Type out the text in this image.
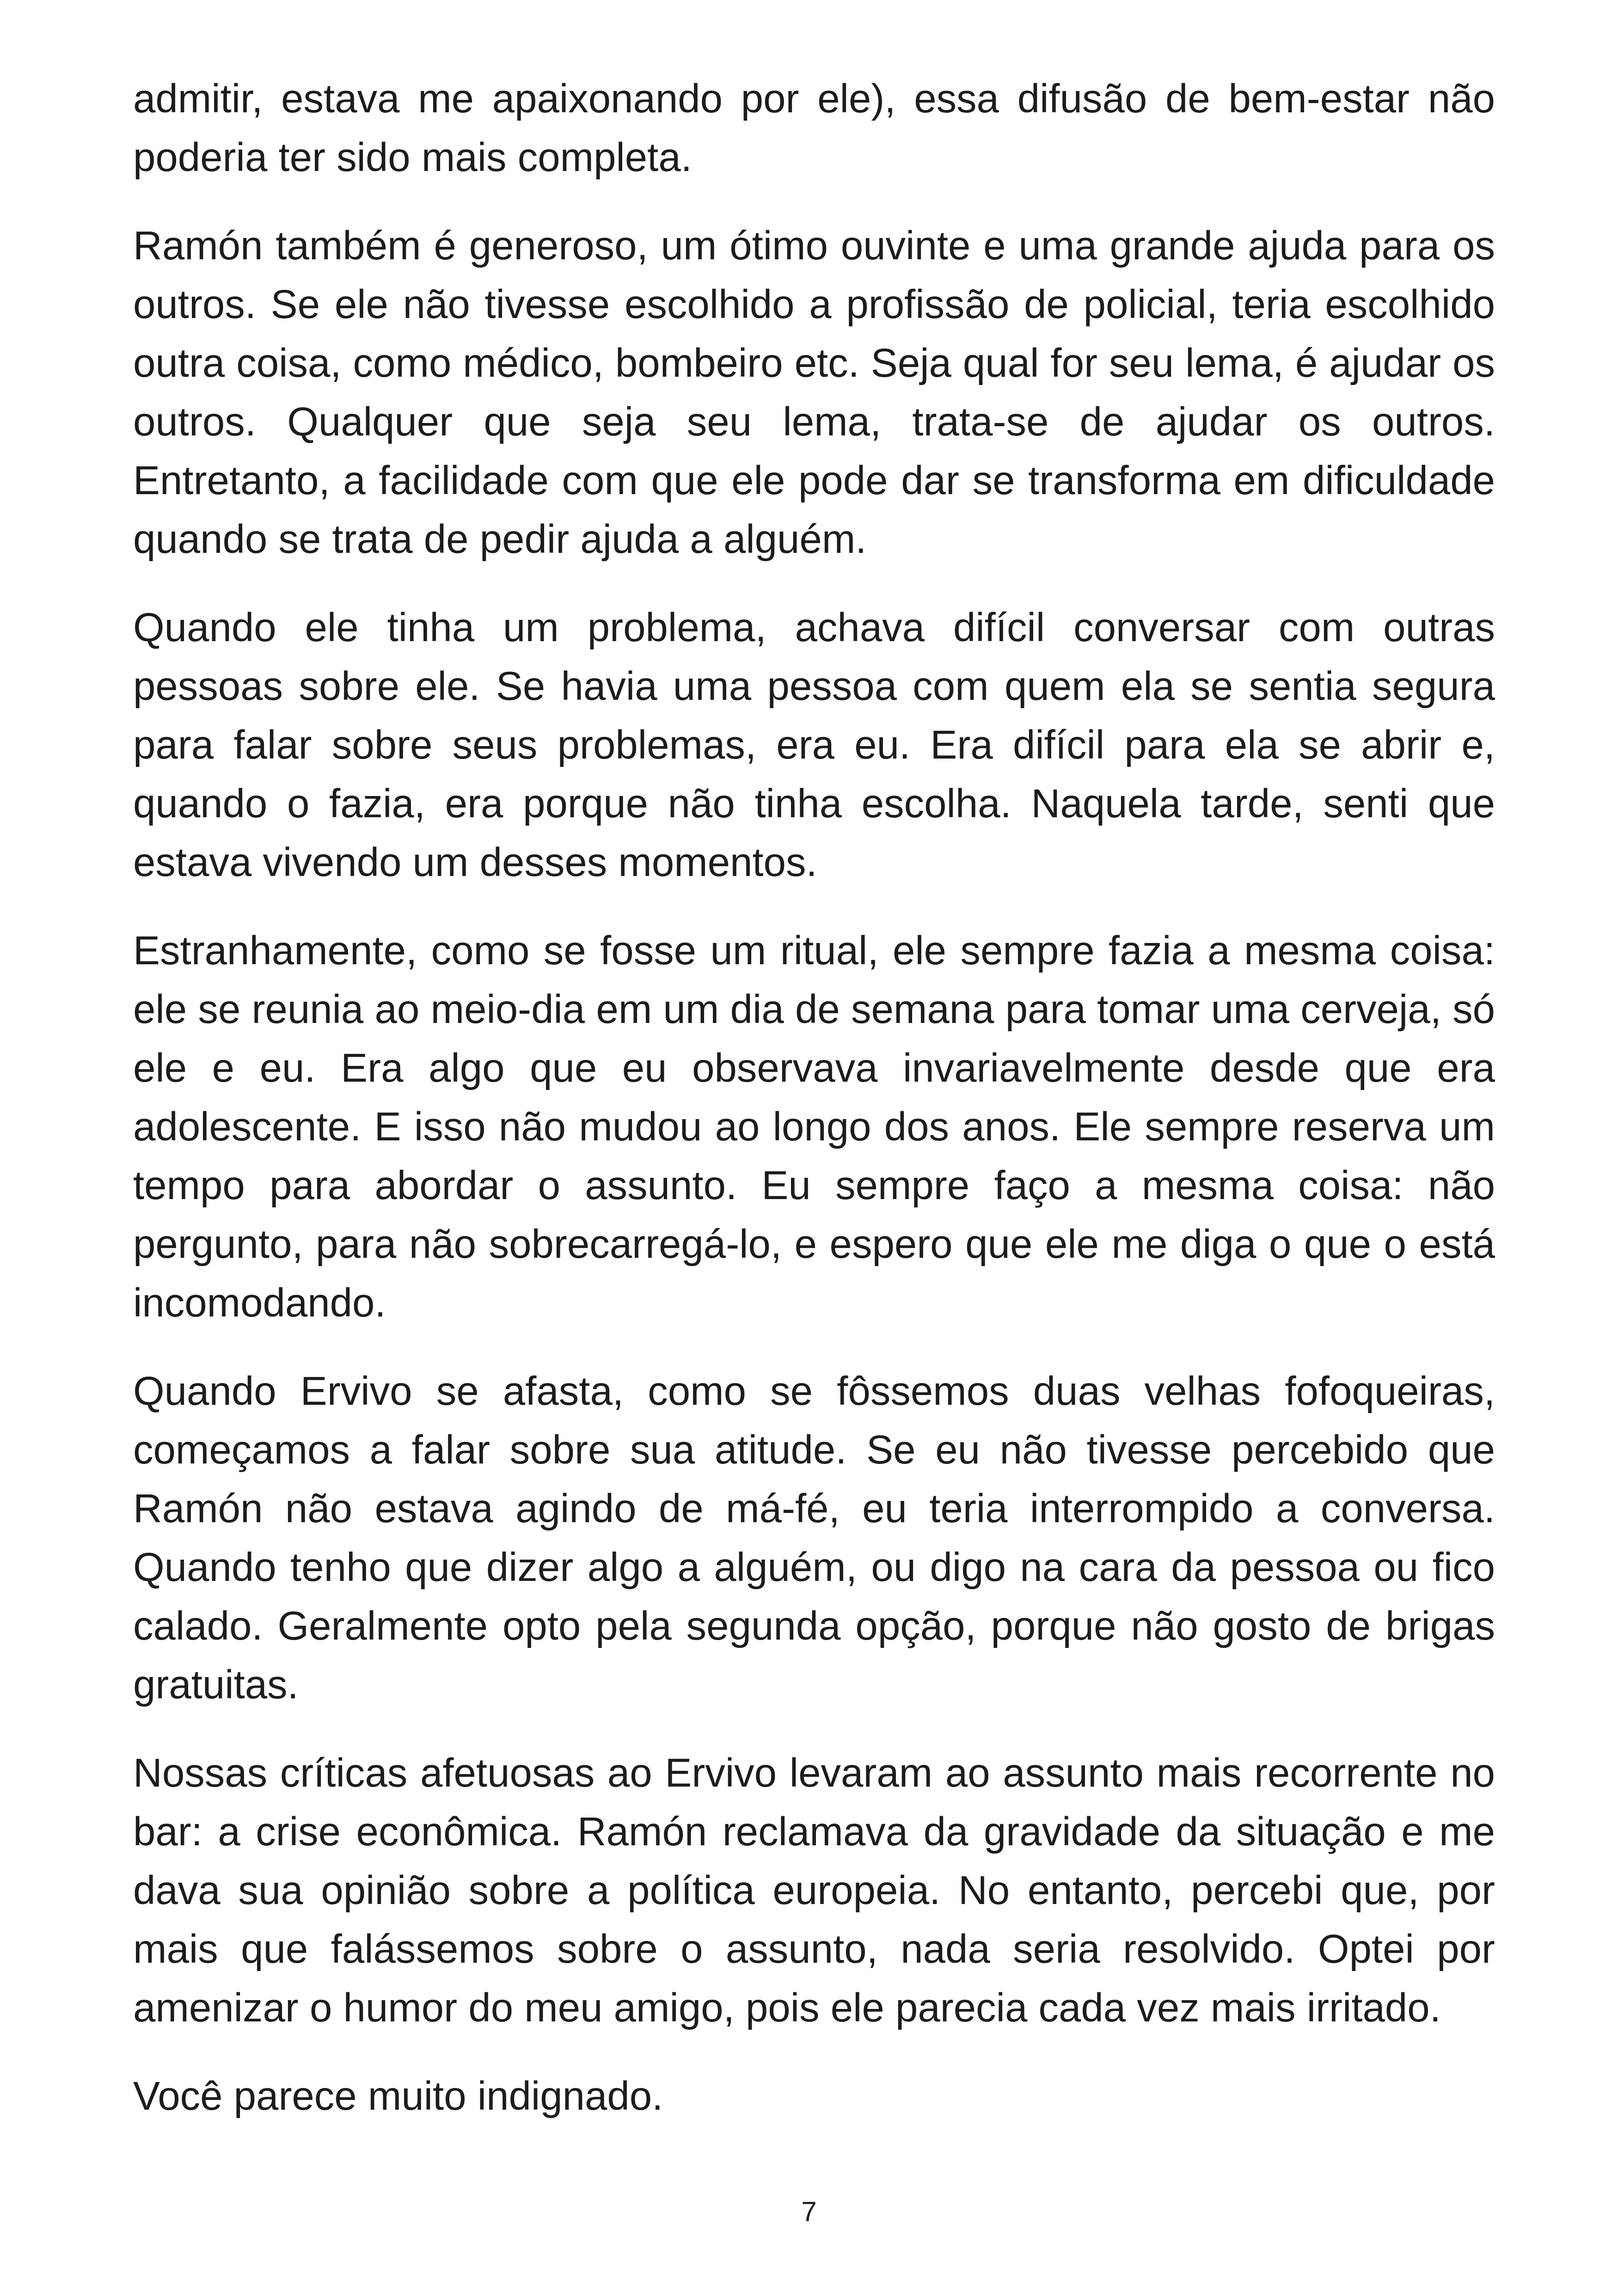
admitir, estava me apaixonando por ele), essa difusão de bem-estar não poderia ter sido mais completa.

Ramón também é generoso, um ótimo ouvinte e uma grande ajuda para os outros. Se ele não tivesse escolhido a profissão de policial, teria escolhido outra coisa, como médico, bombeiro etc. Seja qual for seu lema, é ajudar os outros. Qualquer que seja seu lema, trata-se de ajudar os outros. Entretanto, a facilidade com que ele pode dar se transforma em dificuldade quando se trata de pedir ajuda a alguém.

Quando ele tinha um problema, achava difícil conversar com outras pessoas sobre ele. Se havia uma pessoa com quem ela se sentia segura para falar sobre seus problemas, era eu. Era difícil para ela se abrir e, quando o fazia, era porque não tinha escolha. Naquela tarde, senti que estava vivendo um desses momentos.

Estranhamente, como se fosse um ritual, ele sempre fazia a mesma coisa: ele se reunia ao meio-dia em um dia de semana para tomar uma cerveja, só ele e eu. Era algo que eu observava invariavelmente desde que era adolescente. E isso não mudou ao longo dos anos. Ele sempre reserva um tempo para abordar o assunto. Eu sempre faço a mesma coisa: não pergunto, para não sobrecarregá-lo, e espero que ele me diga o que o está incomodando.

Quando Ervivo se afasta, como se fôssemos duas velhas fofoqueiras, começamos a falar sobre sua atitude. Se eu não tivesse percebido que Ramón não estava agindo de má-fé, eu teria interrompido a conversa. Quando tenho que dizer algo a alguém, ou digo na cara da pessoa ou fico calado. Geralmente opto pela segunda opção, porque não gosto de brigas gratuitas.

Nossas críticas afetuosas ao Ervivo levaram ao assunto mais recorrente no bar: a crise econômica. Ramón reclamava da gravidade da situação e me dava sua opinião sobre a política europeia. No entanto, percebi que, por mais que falássemos sobre o assunto, nada seria resolvido. Optei por amenizar o humor do meu amigo, pois ele parecia cada vez mais irritado.

Você parece muito indignado.

7
